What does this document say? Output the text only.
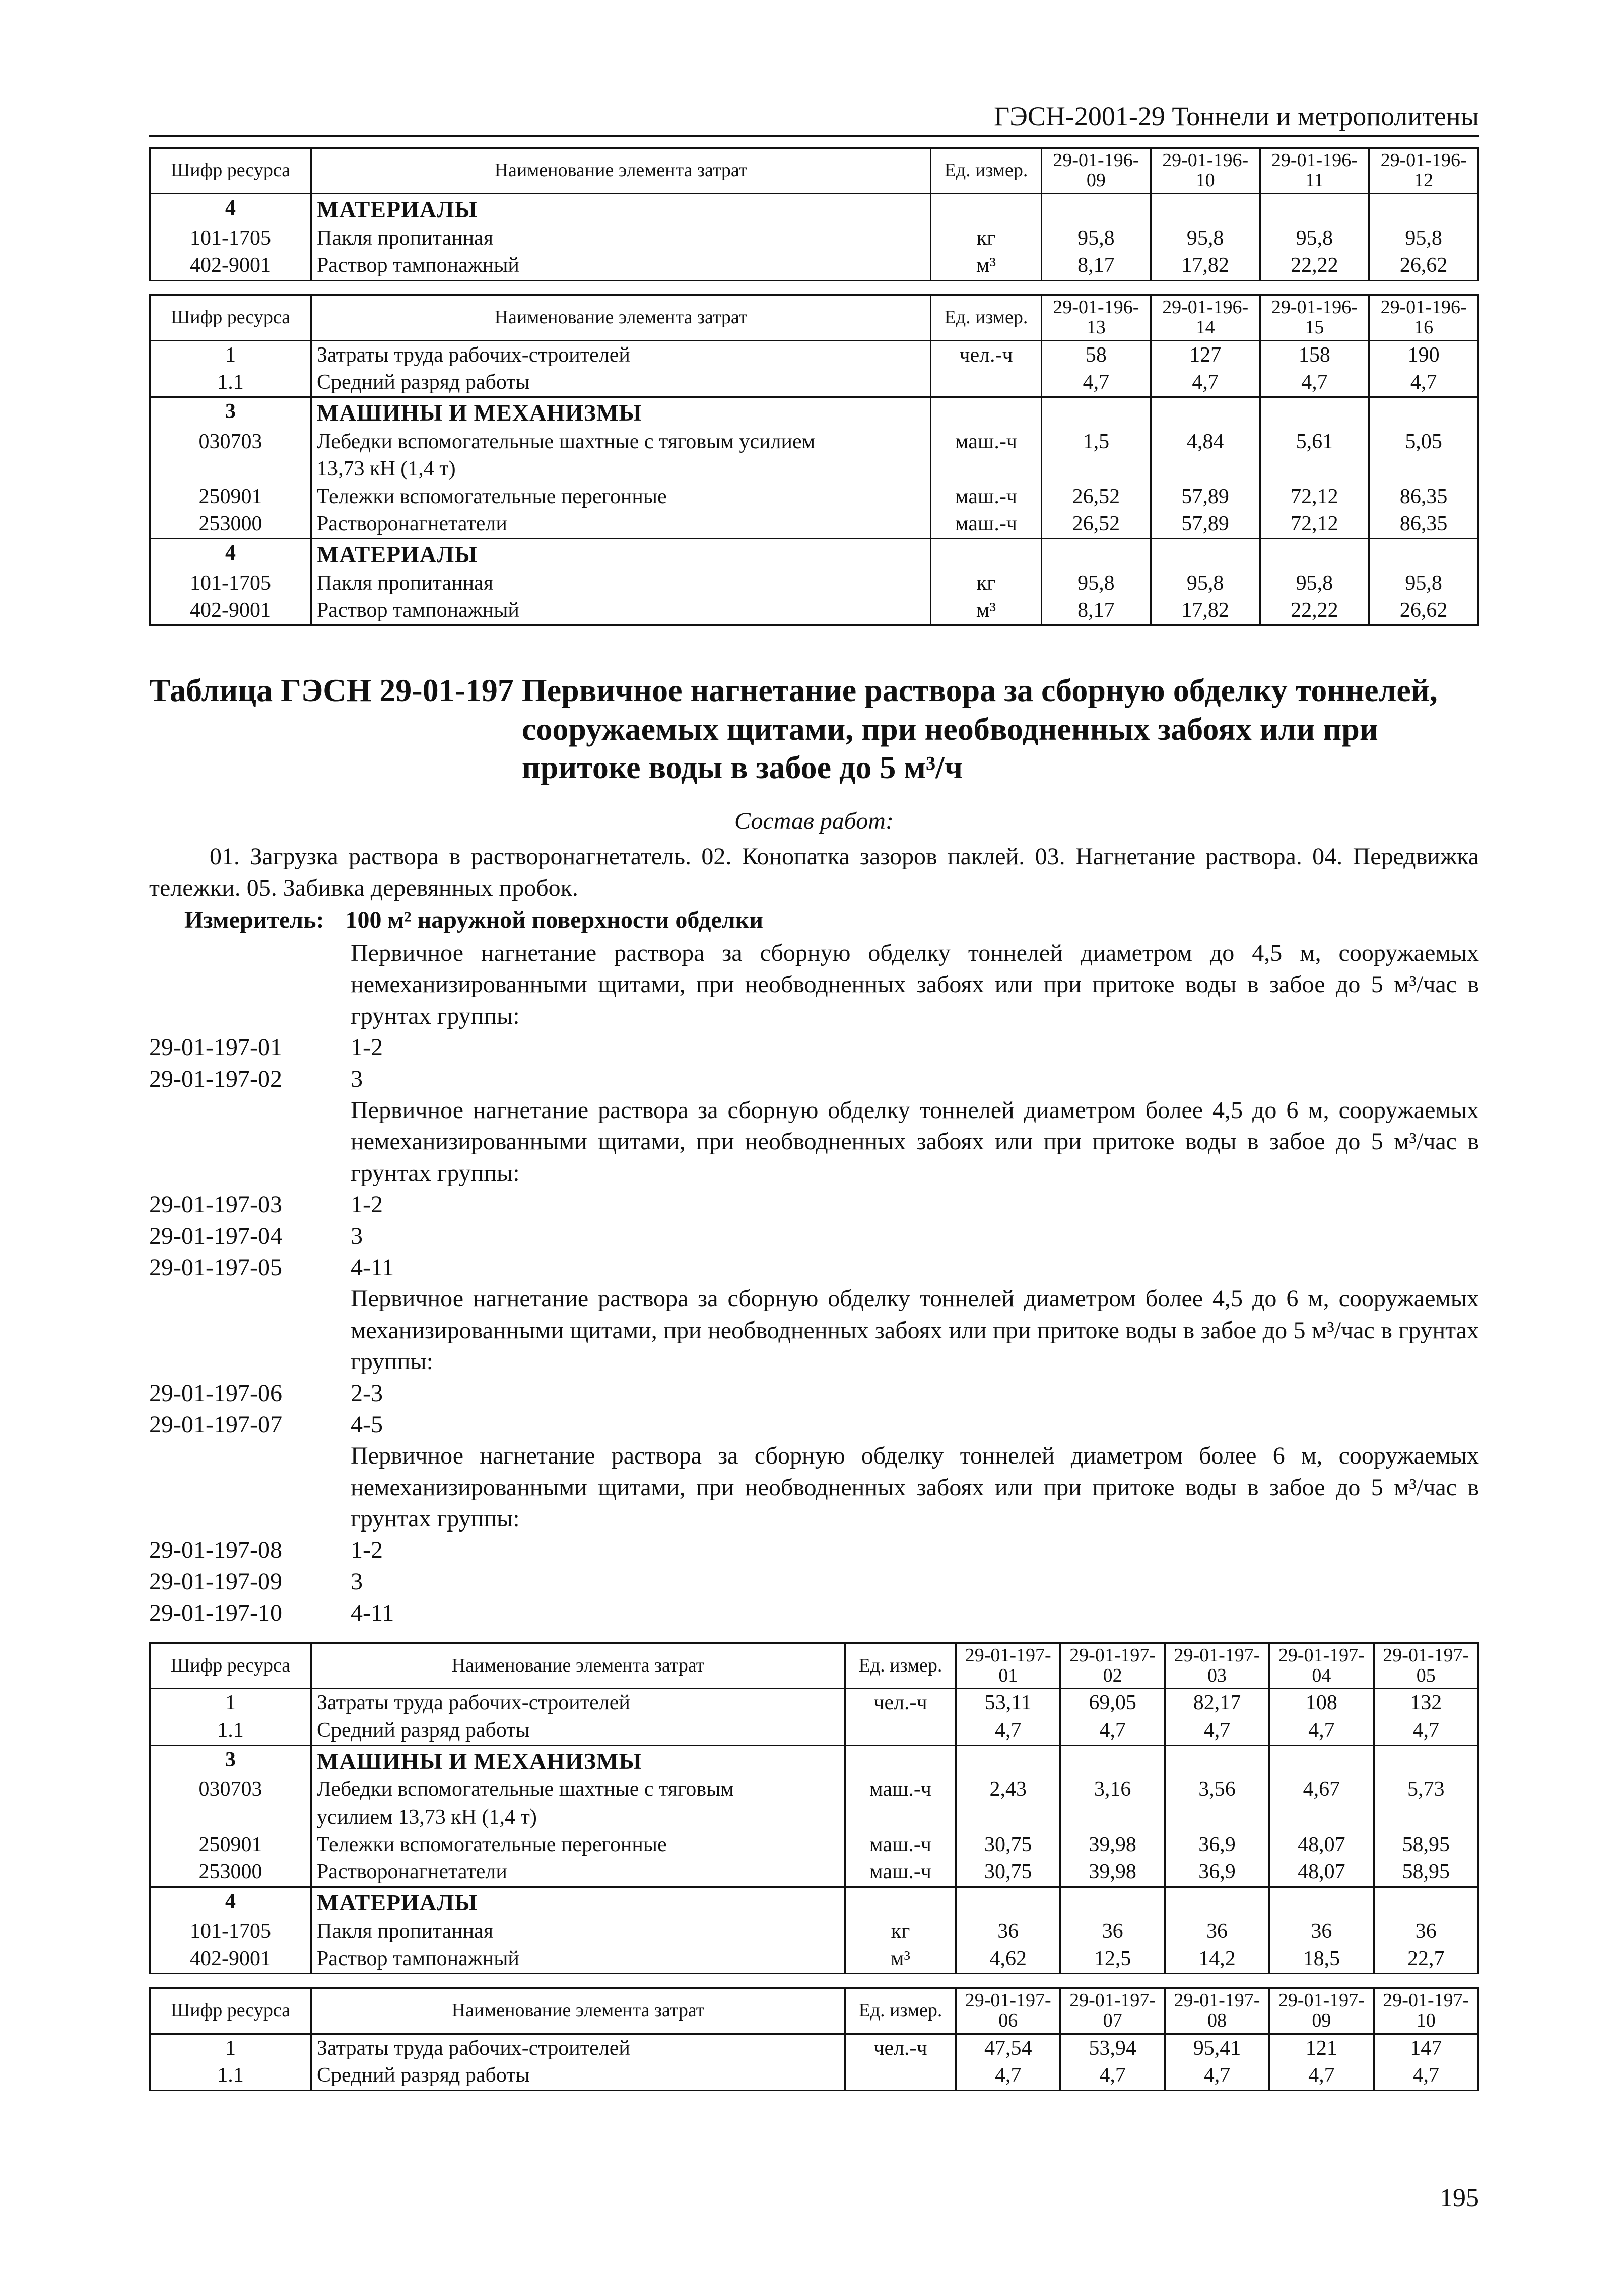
ГЭСН-2001-29 Тоннели и метрополитены
Шифр ресурса	Наименование элемента затрат	Ед. измер.	29-01-196-09	29-01-196-10	29-01-196-11	29-01-196-12
4	МАТЕРИАЛЫ					
101-1705	Пакля пропитанная	кг	95,8	95,8	95,8	95,8
402-9001	Раствор тампонажный	м³	8,17	17,82	22,22	26,62
Шифр ресурса	Наименование элемента затрат	Ед. измер.	29-01-196-13	29-01-196-14	29-01-196-15	29-01-196-16
1	Затраты труда рабочих-строителей	чел.-ч	58	127	158	190
1.1	Средний разряд работы		4,7	4,7	4,7	4,7
3	МАШИНЫ И МЕХАНИЗМЫ					
030703	Лебедки вспомогательные шахтные с тяговым усилием
13,73 кН (1,4 т)	маш.-ч	1,5	4,84	5,61	5,05
250901	Тележки вспомогательные перегонные	маш.-ч	26,52	57,89	72,12	86,35
253000	Растворонагнетатели	маш.-ч	26,52	57,89	72,12	86,35
4	МАТЕРИАЛЫ					
101-1705	Пакля пропитанная	кг	95,8	95,8	95,8	95,8
402-9001	Раствор тампонажный	м³	8,17	17,82	22,22	26,62
Таблица ГЭСН 29-01-197 Первичное нагнетание раствора за сборную обделку тоннелей, сооружаемых щитами, при необводненных забоях или при притоке воды в забое до 5 м³/ч
Состав работ:
01. Загрузка раствора в растворонагнетатель. 02. Конопатка зазоров паклей. 03. Нагнетание раствора. 04. Передвижка тележки. 05. Забивка деревянных пробок.
Измеритель: 100 м² наружной поверхности обделки
Первичное нагнетание раствора за сборную обделку тоннелей диаметром до 4,5 м, сооружаемых немеханизированными щитами, при необводненных забоях или при притоке воды в забое до 5 м³/час в грунтах группы:
29-01-197-01	1-2
29-01-197-02	3
Первичное нагнетание раствора за сборную обделку тоннелей диаметром более 4,5 до 6 м, сооружаемых немеханизированными щитами, при необводненных забоях или при притоке воды в забое до 5 м³/час в грунтах группы:
29-01-197-03	1-2
29-01-197-04	3
29-01-197-05	4-11
Первичное нагнетание раствора за сборную обделку тоннелей диаметром более 4,5 до 6 м, сооружаемых механизированными щитами, при необводненных забоях или при притоке воды в забое до 5 м³/час в грунтах группы:
29-01-197-06	2-3
29-01-197-07	4-5
Первичное нагнетание раствора за сборную обделку тоннелей диаметром более 6 м, сооружаемых немеханизированными щитами, при необводненных забоях или при притоке воды в забое до 5 м³/час в грунтах группы:
29-01-197-08	1-2
29-01-197-09	3
29-01-197-10	4-11
Шифр ресурса	Наименование элемента затрат	Ед. измер.	29-01-197-01	29-01-197-02	29-01-197-03	29-01-197-04	29-01-197-05
1	Затраты труда рабочих-строителей	чел.-ч	53,11	69,05	82,17	108	132
1.1	Средний разряд работы		4,7	4,7	4,7	4,7	4,7
3	МАШИНЫ И МЕХАНИЗМЫ						
030703	Лебедки вспомогательные шахтные с тяговым
усилием 13,73 кН (1,4 т)	маш.-ч	2,43	3,16	3,56	4,67	5,73
250901	Тележки вспомогательные перегонные	маш.-ч	30,75	39,98	36,9	48,07	58,95
253000	Растворонагнетатели	маш.-ч	30,75	39,98	36,9	48,07	58,95
4	МАТЕРИАЛЫ						
101-1705	Пакля пропитанная	кг	36	36	36	36	36
402-9001	Раствор тампонажный	м³	4,62	12,5	14,2	18,5	22,7
Шифр ресурса	Наименование элемента затрат	Ед. измер.	29-01-197-06	29-01-197-07	29-01-197-08	29-01-197-09	29-01-197-10
1	Затраты труда рабочих-строителей	чел.-ч	47,54	53,94	95,41	121	147
1.1	Средний разряд работы		4,7	4,7	4,7	4,7	4,7
195
